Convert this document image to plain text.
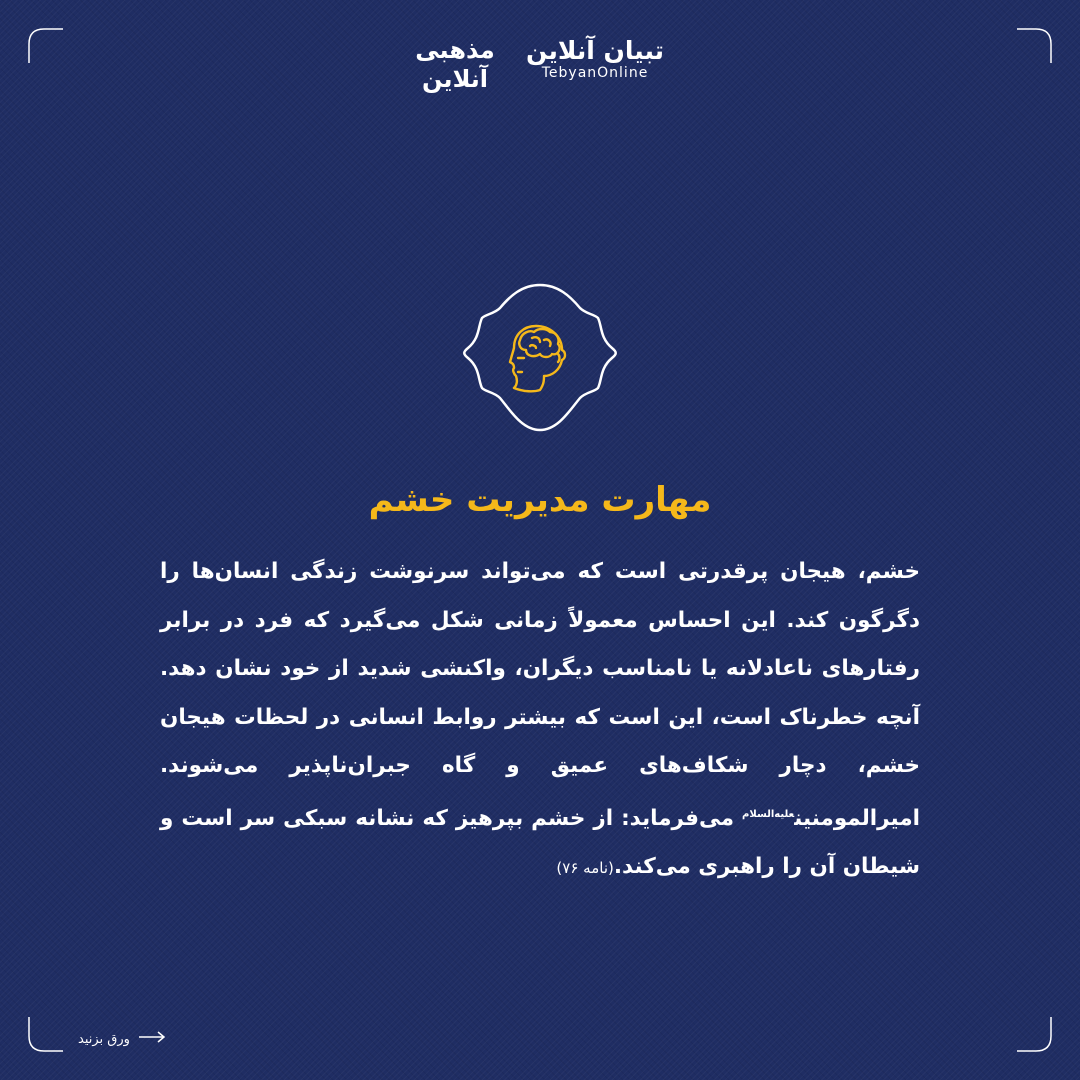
مذهبی
آنلاین
تبیان آنلاین
TebyanOnline
مهارت مدیریت خشم
خشم، هیجان پرقدرتی است که می‌تواند سرنوشت زندگی انسان‌ها را دگرگون کند. این احساس معمولاً زمانی شکل می‌گیرد که فرد در برابر رفتارهای ناعادلانه یا نامناسب دیگران، واکنشی شدید از خود نشان دهد. آنچه خطرناک است، این است که بیشتر روابط انسانی در لحظات هیجان خشم، دچار شکاف‌های عمیق و گاه جبران‌ناپذیر می‌شوند. امیرالمومنین$^{علیه‌السلام}$ می‌فرماید: از خشم بپرهیز که نشانه سبکی سر است و شیطان آن را راهبری می‌کند.(نامه ۷۶)
ورق بزنید
